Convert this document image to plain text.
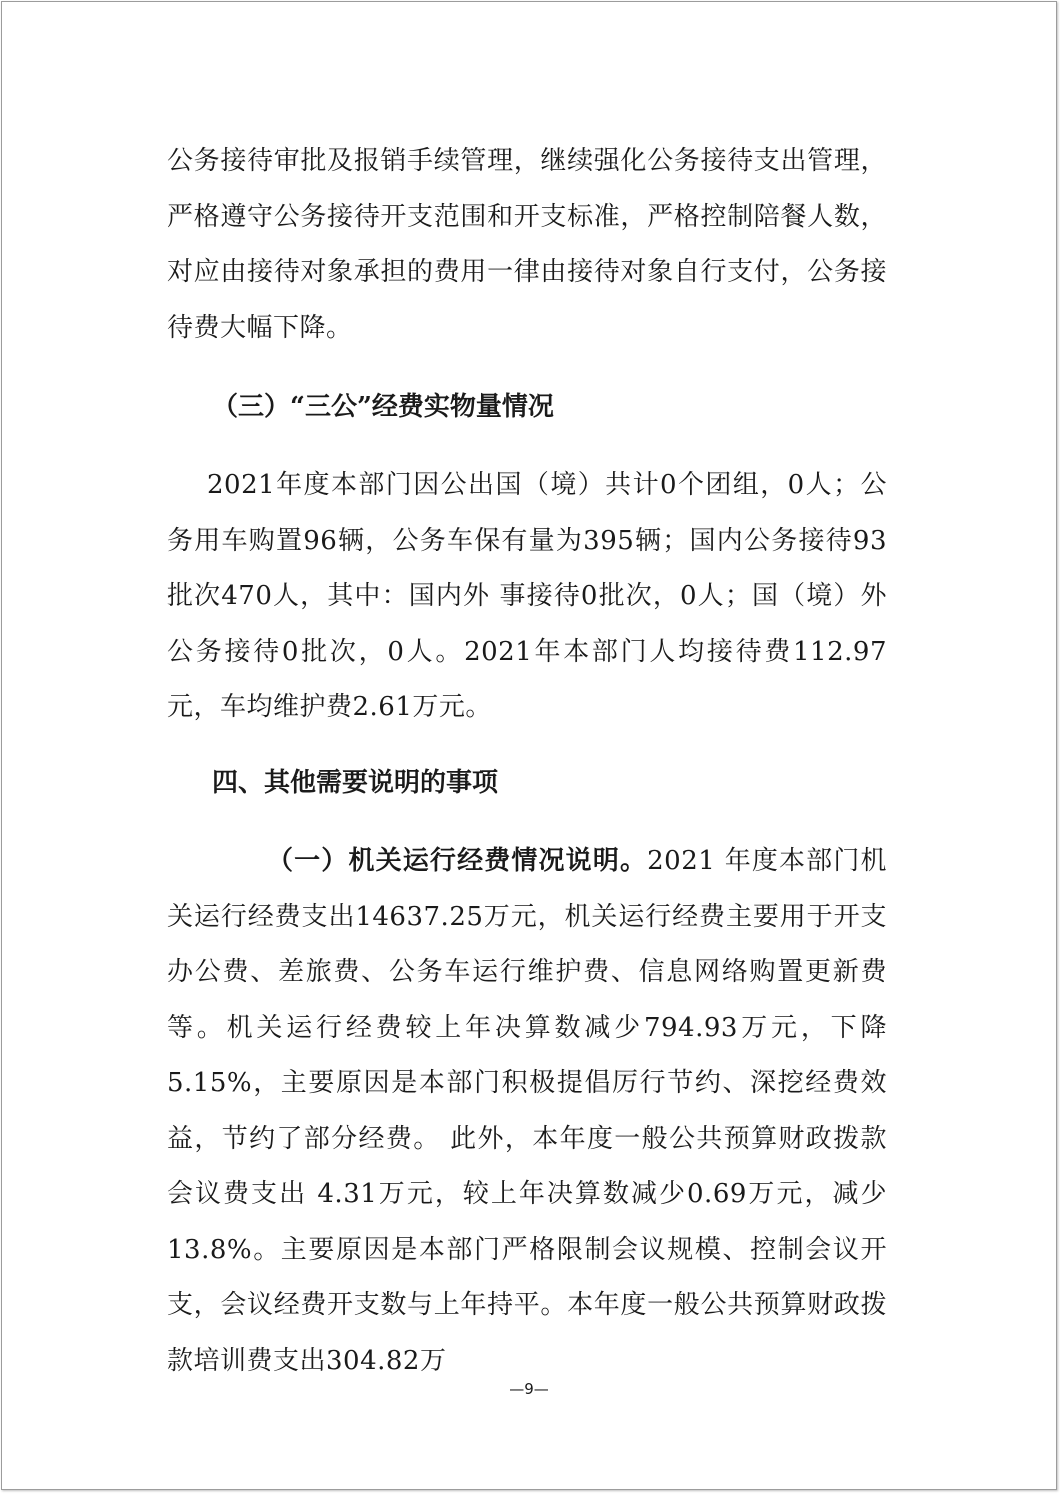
公务接待审批及报销手续管理，继续强化公务接待支出管理，严格遵守公务接待开支范围和开支标准，严格控制陪餐人数，对应由接待对象承担的费用一律由接待对象自行支付，公务接待费大幅下降。

（三）“三公”经费实物量情况

2021年度本部门因公出国（境）共计0个团组，0人；公务用车购置96辆，公务车保有量为395辆；国内公务接待93批次470人，其中：国内外 事接待0批次，0人；国（境）外公务接待0批次，0人。2021年本部门人均接待费112.97元，车均维护费2.61万元。

四、其他需要说明的事项

（一）机关运行经费情况说明。2021 年度本部门机关运行经费支出14637.25万元，机关运行经费主要用于开支办公费、差旅费、公务车运行维护费、信息网络购置更新费等。机关运行经费较上年决算数减少794.93万元，下降5.15%，主要原因是本部门积极提倡厉行节约、深挖经费效益，节约了部分经费。 此外，本年度一般公共预算财政拨款会议费支出 4.31万元，较上年决算数减少0.69万元，减少13.8%。主要原因是本部门严格限制会议规模、控制会议开支，会议经费开支数与上年持平。本年度一般公共预算财政拨款培训费支出304.82万

—9—
